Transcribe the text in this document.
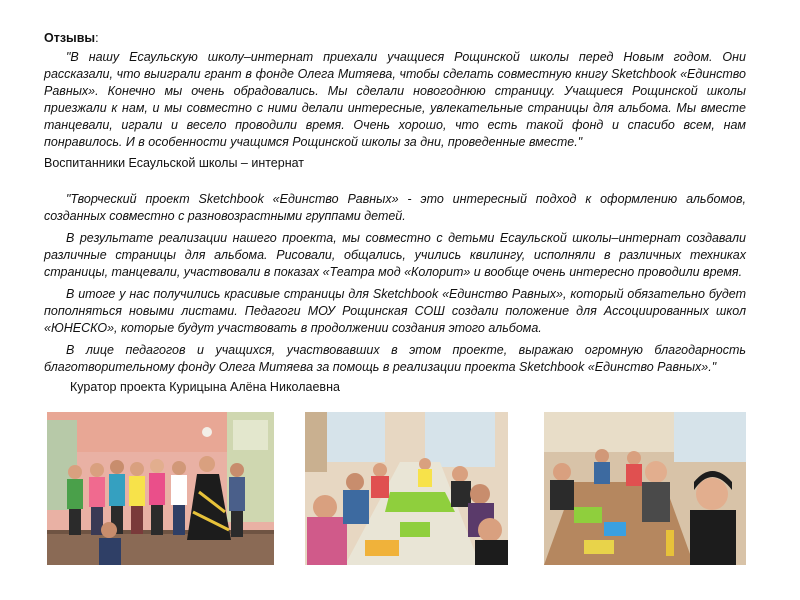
Отзывы:

"В нашу Есаульскую школу–интернат приехали учащиеся Рощинской школы перед Новым годом. Они рассказали, что выиграли грант в фонде Олега Митяева, чтобы сделать совместную книгу Sketchbook «Единство Равных». Конечно мы очень обрадовались. Мы сделали новогоднюю страницу. Учащиеся Рощинской школы приезжали к нам, и мы совместно с ними делали интересные, увлекательные страницы для альбома. Мы вместе танцевали, играли и весело проводили время. Очень хорошо, что есть такой фонд и спасибо всем, нам понравилось. И в особенности учащимся Рощинской школы за дни, проведенные вместе."

Воспитанники Есаульской школы – интернат

"Творческий проект Sketchbook «Единство Равных» - это интересный подход к оформлению альбомов, созданных совместно с разновозрастными группами детей.

В результате реализации нашего проекта, мы совместно с детьми Есаульской школы–интернат создавали различные страницы для альбома. Рисовали, общались, учились квилингу, исполняли в различных техниках страницы, танцевали, участвовали в показах «Театра мод «Колорит» и вообще очень интересно проводили время.

В итоге у нас получились красивые страницы для Sketchbook «Единство Равных», который обязательно будет пополняться новыми листами. Педагоги МОУ Рощинская СОШ создали положение для Ассоциированных школ «ЮНЕСКО», которые будут участвовать в продолжении создания этого альбома.

В лице педагогов и учащихся, участвовавших в этом проекте, выражаю огромную благодарность благотворительному фонду Олега Митяева за помощь в реализации проекта Sketchbook «Единство Равных»."

Куратор проекта Курицына Алёна Николаевна
